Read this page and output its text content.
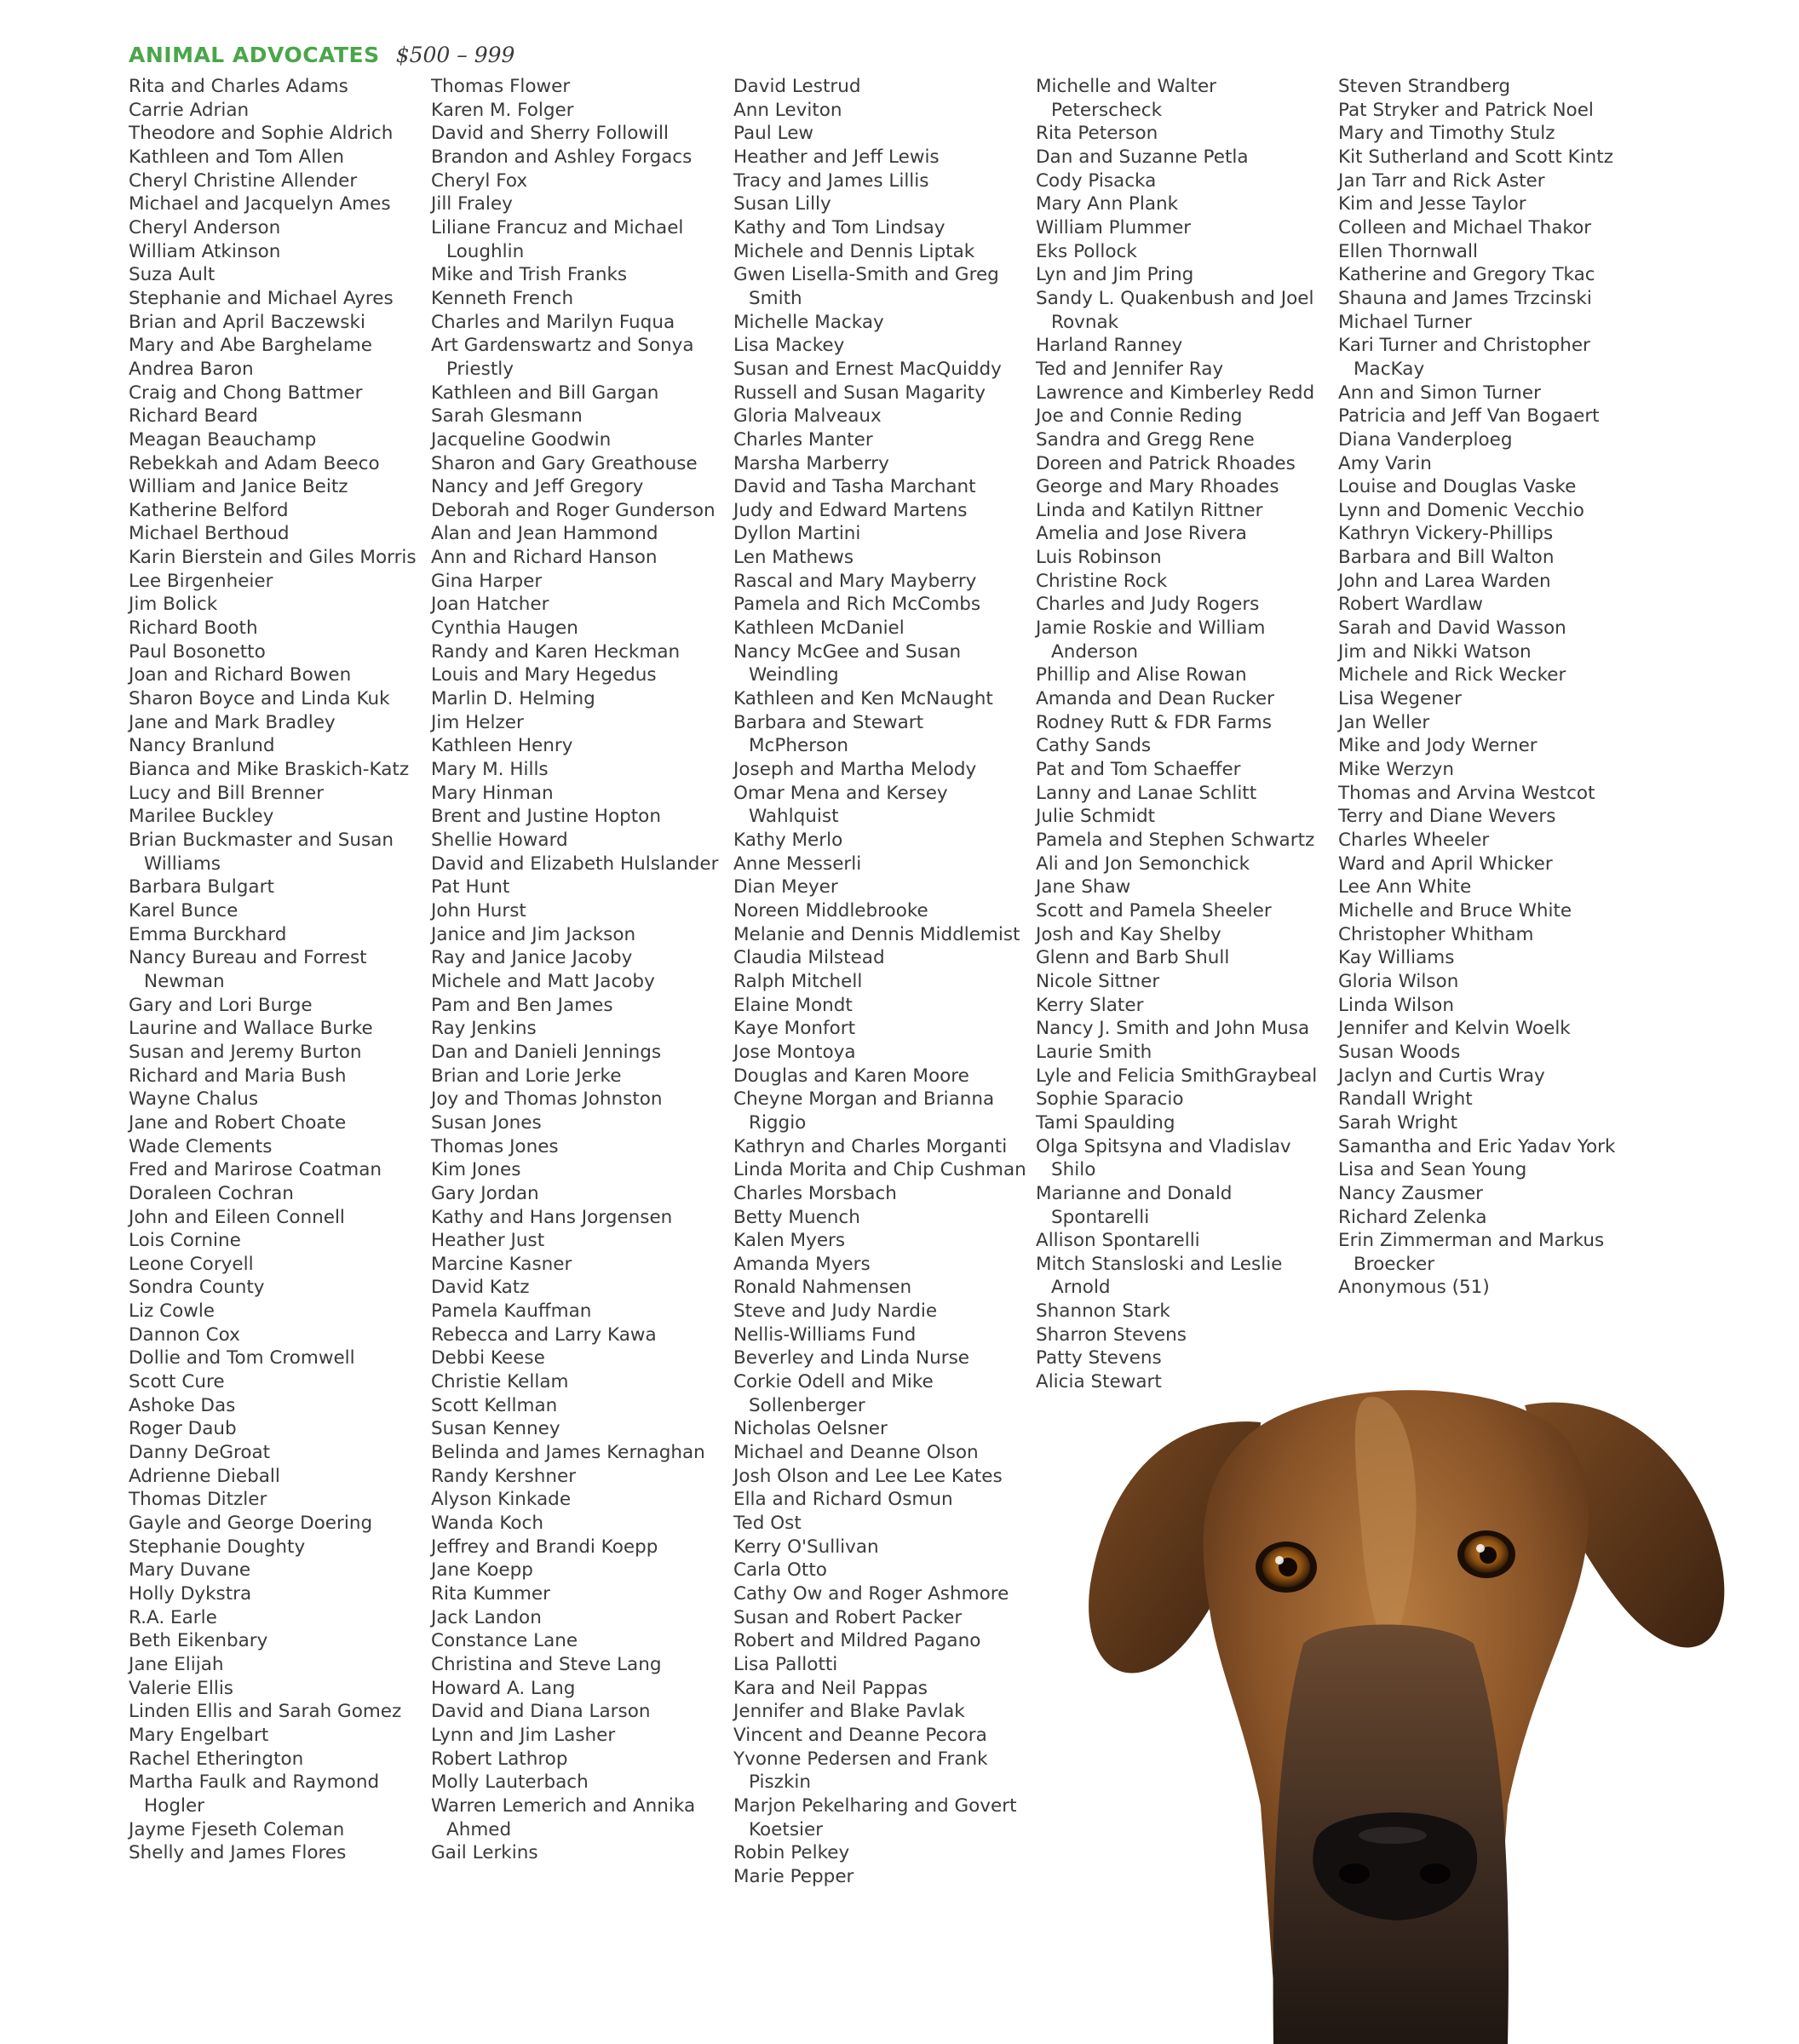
ANIMAL ADVOCATES $500 – 999
Rita and Charles Adams
Carrie Adrian
Theodore and Sophie Aldrich
Kathleen and Tom Allen
Cheryl Christine Allender
Michael and Jacquelyn Ames
Cheryl Anderson
William Atkinson
Suza Ault
Stephanie and Michael Ayres
Brian and April Baczewski
Mary and Abe Barghelame
Andrea Baron
Craig and Chong Battmer
Richard Beard
Meagan Beauchamp
Rebekkah and Adam Beeco
William and Janice Beitz
Katherine Belford
Michael Berthoud
Karin Bierstein and Giles Morris
Lee Birgenheier
Jim Bolick
Richard Booth
Paul Bosonetto
Joan and Richard Bowen
Sharon Boyce and Linda Kuk
Jane and Mark Bradley
Nancy Branlund
Bianca and Mike Braskich-Katz
Lucy and Bill Brenner
Marilee Buckley
Brian Buckmaster and Susan Williams
Barbara Bulgart
Karel Bunce
Emma Burckhard
Nancy Bureau and Forrest Newman
Gary and Lori Burge
Laurine and Wallace Burke
Susan and Jeremy Burton
Richard and Maria Bush
Wayne Chalus
Jane and Robert Choate
Wade Clements
Fred and Marirose Coatman
Doraleen Cochran
John and Eileen Connell
Lois Cornine
Leone Coryell
Sondra County
Liz Cowle
Dannon Cox
Dollie and Tom Cromwell
Scott Cure
Ashoke Das
Roger Daub
Danny DeGroat
Adrienne Dieball
Thomas Ditzler
Gayle and George Doering
Stephanie Doughty
Mary Duvane
Holly Dykstra
R.A. Earle
Beth Eikenbary
Jane Elijah
Valerie Ellis
Linden Ellis and Sarah Gomez
Mary Engelbart
Rachel Etherington
Martha Faulk and Raymond Hogler
Jayme Fjeseth Coleman
Shelly and James Flores
Thomas Flower
Karen M. Folger
David and Sherry Followill
Brandon and Ashley Forgacs
Cheryl Fox
Jill Fraley
Liliane Francuz and Michael Loughlin
Mike and Trish Franks
Kenneth French
Charles and Marilyn Fuqua
Art Gardenswartz and Sonya Priestly
Kathleen and Bill Gargan
Sarah Glesmann
Jacqueline Goodwin
Sharon and Gary Greathouse
Nancy and Jeff Gregory
Deborah and Roger Gunderson
Alan and Jean Hammond
Ann and Richard Hanson
Gina Harper
Joan Hatcher
Cynthia Haugen
Randy and Karen Heckman
Louis and Mary Hegedus
Marlin D. Helming
Jim Helzer
Kathleen Henry
Mary M. Hills
Mary Hinman
Brent and Justine Hopton
Shellie Howard
David and Elizabeth Hulslander
Pat Hunt
John Hurst
Janice and Jim Jackson
Ray and Janice Jacoby
Michele and Matt Jacoby
Pam and Ben James
Ray Jenkins
Dan and Danieli Jennings
Brian and Lorie Jerke
Joy and Thomas Johnston
Susan Jones
Thomas Jones
Kim Jones
Gary Jordan
Kathy and Hans Jorgensen
Heather Just
Marcine Kasner
David Katz
Pamela Kauffman
Rebecca and Larry Kawa
Debbi Keese
Christie Kellam
Scott Kellman
Susan Kenney
Belinda and James Kernaghan
Randy Kershner
Alyson Kinkade
Wanda Koch
Jeffrey and Brandi Koepp
Jane Koepp
Rita Kummer
Jack Landon
Constance Lane
Christina and Steve Lang
Howard A. Lang
David and Diana Larson
Lynn and Jim Lasher
Robert Lathrop
Molly Lauterbach
Warren Lemerich and Annika Ahmed
Gail Lerkins
David Lestrud
Ann Leviton
Paul Lew
Heather and Jeff Lewis
Tracy and James Lillis
Susan Lilly
Kathy and Tom Lindsay
Michele and Dennis Liptak
Gwen Lisella-Smith and Greg Smith
Michelle Mackay
Lisa Mackey
Susan and Ernest MacQuiddy
Russell and Susan Magarity
Gloria Malveaux
Charles Manter
Marsha Marberry
David and Tasha Marchant
Judy and Edward Martens
Dyllon Martini
Len Mathews
Rascal and Mary Mayberry
Pamela and Rich McCombs
Kathleen McDaniel
Nancy McGee and Susan Weindling
Kathleen and Ken McNaught
Barbara and Stewart McPherson
Joseph and Martha Melody
Omar Mena and Kersey Wahlquist
Kathy Merlo
Anne Messerli
Dian Meyer
Noreen Middlebrooke
Melanie and Dennis Middlemist
Claudia Milstead
Ralph Mitchell
Elaine Mondt
Kaye Monfort
Jose Montoya
Douglas and Karen Moore
Cheyne Morgan and Brianna Riggio
Kathryn and Charles Morganti
Linda Morita and Chip Cushman
Charles Morsbach
Betty Muench
Kalen Myers
Amanda Myers
Ronald Nahmensen
Steve and Judy Nardie
Nellis-Williams Fund
Beverley and Linda Nurse
Corkie Odell and Mike Sollenberger
Nicholas Oelsner
Michael and Deanne Olson
Josh Olson and Lee Lee Kates
Ella and Richard Osmun
Ted Ost
Kerry O'Sullivan
Carla Otto
Cathy Ow and Roger Ashmore
Susan and Robert Packer
Robert and Mildred Pagano
Lisa Pallotti
Kara and Neil Pappas
Jennifer and Blake Pavlak
Vincent and Deanne Pecora
Yvonne Pedersen and Frank Piszkin
Marjon Pekelharing and Govert Koetsier
Robin Pelkey
Marie Pepper
Michelle and Walter Peterscheck
Rita Peterson
Dan and Suzanne Petla
Cody Pisacka
Mary Ann Plank
William Plummer
Eks Pollock
Lyn and Jim Pring
Sandy L. Quakenbush and Joel Rovnak
Harland Ranney
Ted and Jennifer Ray
Lawrence and Kimberley Redd
Joe and Connie Reding
Sandra and Gregg Rene
Doreen and Patrick Rhoades
George and Mary Rhoades
Linda and Katilyn Rittner
Amelia and Jose Rivera
Luis Robinson
Christine Rock
Charles and Judy Rogers
Jamie Roskie and William Anderson
Phillip and Alise Rowan
Amanda and Dean Rucker
Rodney Rutt & FDR Farms
Cathy Sands
Pat and Tom Schaeffer
Lanny and Lanae Schlitt
Julie Schmidt
Pamela and Stephen Schwartz
Ali and Jon Semonchick
Jane Shaw
Scott and Pamela Sheeler
Josh and Kay Shelby
Glenn and Barb Shull
Nicole Sittner
Kerry Slater
Nancy J. Smith and John Musa
Laurie Smith
Lyle and Felicia SmithGraybeal
Sophie Sparacio
Tami Spaulding
Olga Spitsyna and Vladislav Shilo
Marianne and Donald Spontarelli
Allison Spontarelli
Mitch Stansloski and Leslie Arnold
Shannon Stark
Sharron Stevens
Patty Stevens
Alicia Stewart
Steven Strandberg
Pat Stryker and Patrick Noel
Mary and Timothy Stulz
Kit Sutherland and Scott Kintz
Jan Tarr and Rick Aster
Kim and Jesse Taylor
Colleen and Michael Thakor
Ellen Thornwall
Katherine and Gregory Tkac
Shauna and James Trzcinski
Michael Turner
Kari Turner and Christopher MacKay
Ann and Simon Turner
Patricia and Jeff Van Bogaert
Diana Vanderploeg
Amy Varin
Louise and Douglas Vaske
Lynn and Domenic Vecchio
Kathryn Vickery-Phillips
Barbara and Bill Walton
John and Larea Warden
Robert Wardlaw
Sarah and David Wasson
Jim and Nikki Watson
Michele and Rick Wecker
Lisa Wegener
Jan Weller
Mike and Jody Werner
Mike Werzyn
Thomas and Arvina Westcot
Terry and Diane Wevers
Charles Wheeler
Ward and April Whicker
Lee Ann White
Michelle and Bruce White
Christopher Whitham
Kay Williams
Gloria Wilson
Linda Wilson
Jennifer and Kelvin Woelk
Susan Woods
Jaclyn and Curtis Wray
Randall Wright
Sarah Wright
Samantha and Eric Yadav York
Lisa and Sean Young
Nancy Zausmer
Richard Zelenka
Erin Zimmerman and Markus Broecker
Anonymous (51)
